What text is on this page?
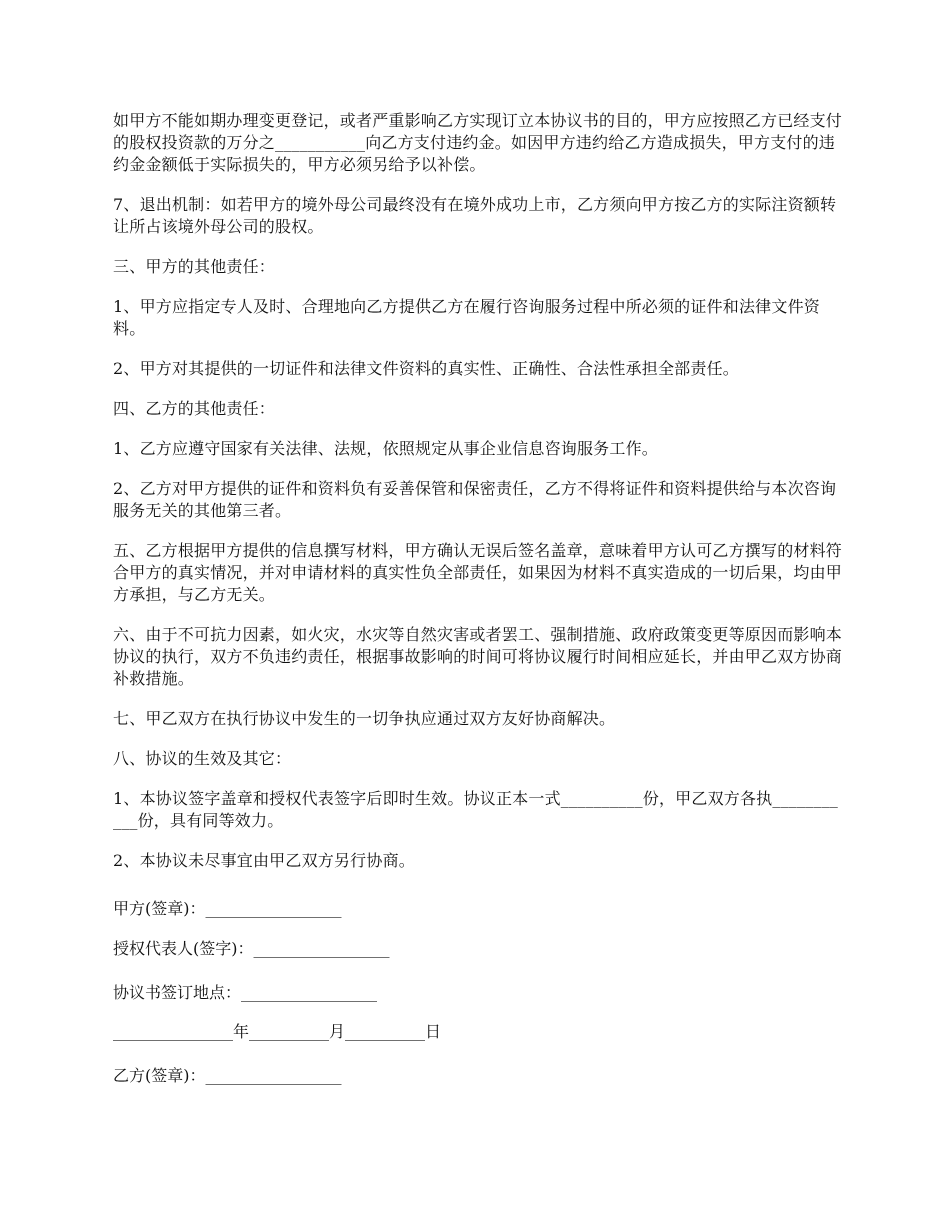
如甲方不能如期办理变更登记，或者严重影响乙方实现订立本协议书的目的，甲方应按照乙方已经支付的股权投资款的万分之___________向乙方支付违约金。如因甲方违约给乙方造成损失，甲方支付的违约金金额低于实际损失的，甲方必须另给予以补偿。

7、退出机制：如若甲方的境外母公司最终没有在境外成功上市，乙方须向甲方按乙方的实际注资额转让所占该境外母公司的股权。

三、甲方的其他责任：

1、甲方应指定专人及时、合理地向乙方提供乙方在履行咨询服务过程中所必须的证件和法律文件资料。

2、甲方对其提供的一切证件和法律文件资料的真实性、正确性、合法性承担全部责任。

四、乙方的其他责任：

1、乙方应遵守国家有关法律、法规，依照规定从事企业信息咨询服务工作。

2、乙方对甲方提供的证件和资料负有妥善保管和保密责任，乙方不得将证件和资料提供给与本次咨询服务无关的其他第三者。

五、乙方根据甲方提供的信息撰写材料，甲方确认无误后签名盖章，意味着甲方认可乙方撰写的材料符合甲方的真实情况，并对申请材料的真实性负全部责任，如果因为材料不真实造成的一切后果，均由甲方承担，与乙方无关。

六、由于不可抗力因素，如火灾，水灾等自然灾害或者罢工、强制措施、政府政策变更等原因而影响本协议的执行，双方不负违约责任，根据事故影响的时间可将协议履行时间相应延长，并由甲乙双方协商补救措施。

七、甲乙双方在执行协议中发生的一切争执应通过双方友好协商解决。

八、协议的生效及其它：

1、本协议签字盖章和授权代表签字后即时生效。协议正本一式__________份，甲乙双方各执___________份，具有同等效力。

2、本协议未尽事宜由甲乙双方另行协商。

甲方(签章)：_________________

授权代表人(签字)：_________________

协议书签订地点：_________________

_______________年__________月__________日

乙方(签章)：_________________
